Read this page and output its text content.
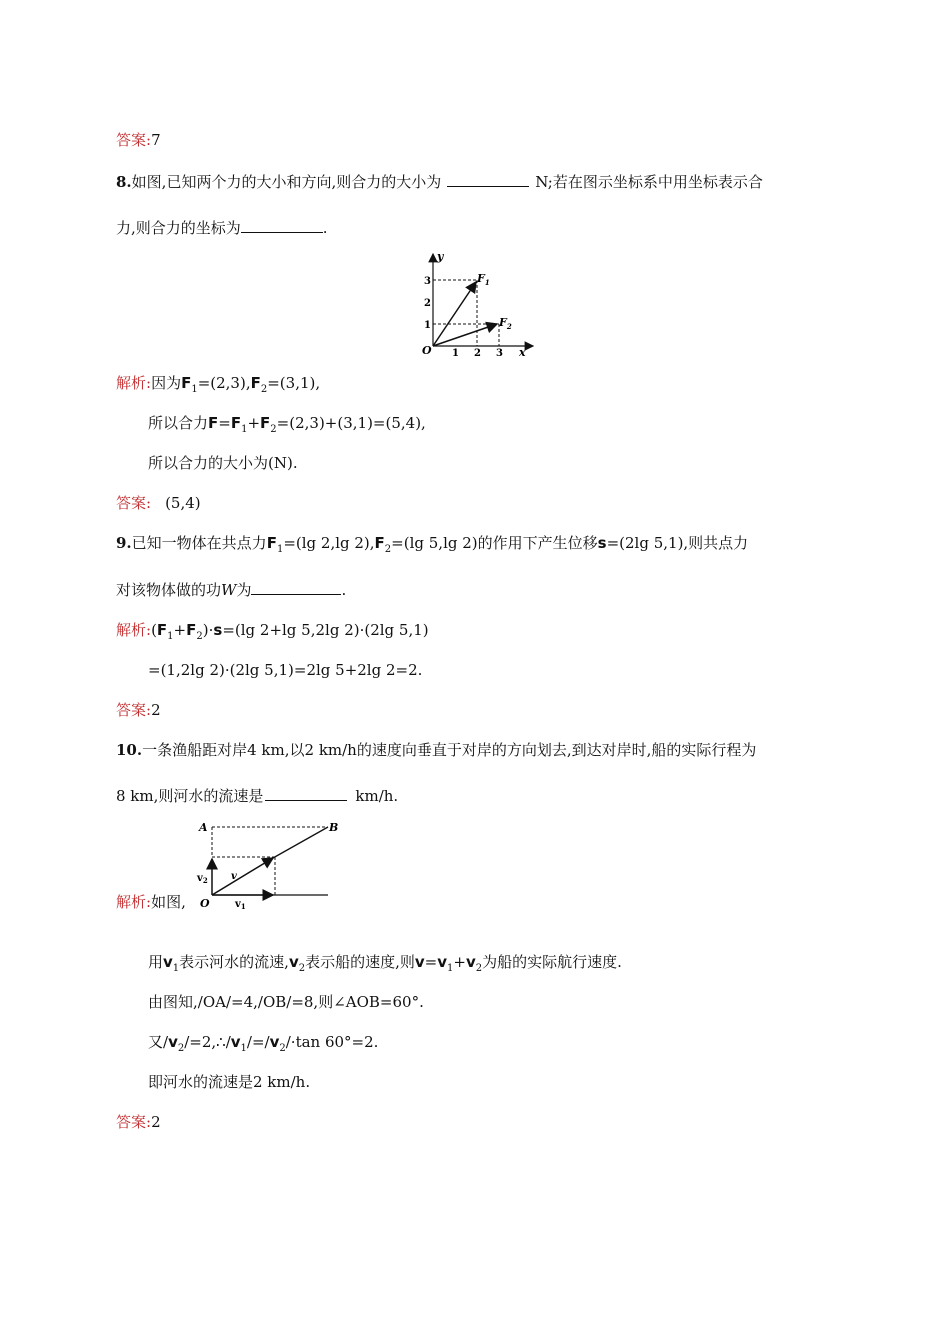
答案:7
8.如图,已知两个力的大小和方向,则合力的大小为	N;若在图示坐标系中用坐标表示合
力,则合力的坐标为	.
y
x
O
$F_1$
$F_2$
1 2 3
1
2
3
解析:因为$F_1=(2,3),F_2=(3,1)$,
所以合力$F=F_1+F_2=(2,3)+(3,1)=(5,4)$,
所以合力的大小为(N).
答案: (5,4)
9.已知一物体在共点力$F_1=(\lg$ 2,lg $2),F_2=(\lg$ 5,lg 2)的作用下产生位移s=(2lg 5,1),则共点力
对该物体做的功W为	.
解析$:(F_1+F_2)\cdot s=(\lg$ 2+lg 5,2lg 2)·(2lg 5,1)
=(1,2lg 2)·(2lg 5,1)=2lg 5+2lg 2=2.
答案:2
10.一条渔船距对岸4 km,以2 km/h的速度向垂直于对岸的方向划去,到达对岸时,船的实际行程为
8 km,则河水的流速是	km/h.
A	B
O
v
$v_1$
$v_2$
解析:如图,
用$v_1$表示河水的流速$,v_2$表示船的速度,则$v=v_1+v_2$为船的实际航行速度.
由图知,/OA/=4,/OB/=8,则∠AOB=60°.
又$/v_2/=2,\therefore/v_1/=/v_2/\cdot\tan$ 60°=2.
即河水的流速是2 km/h.
答案:2
